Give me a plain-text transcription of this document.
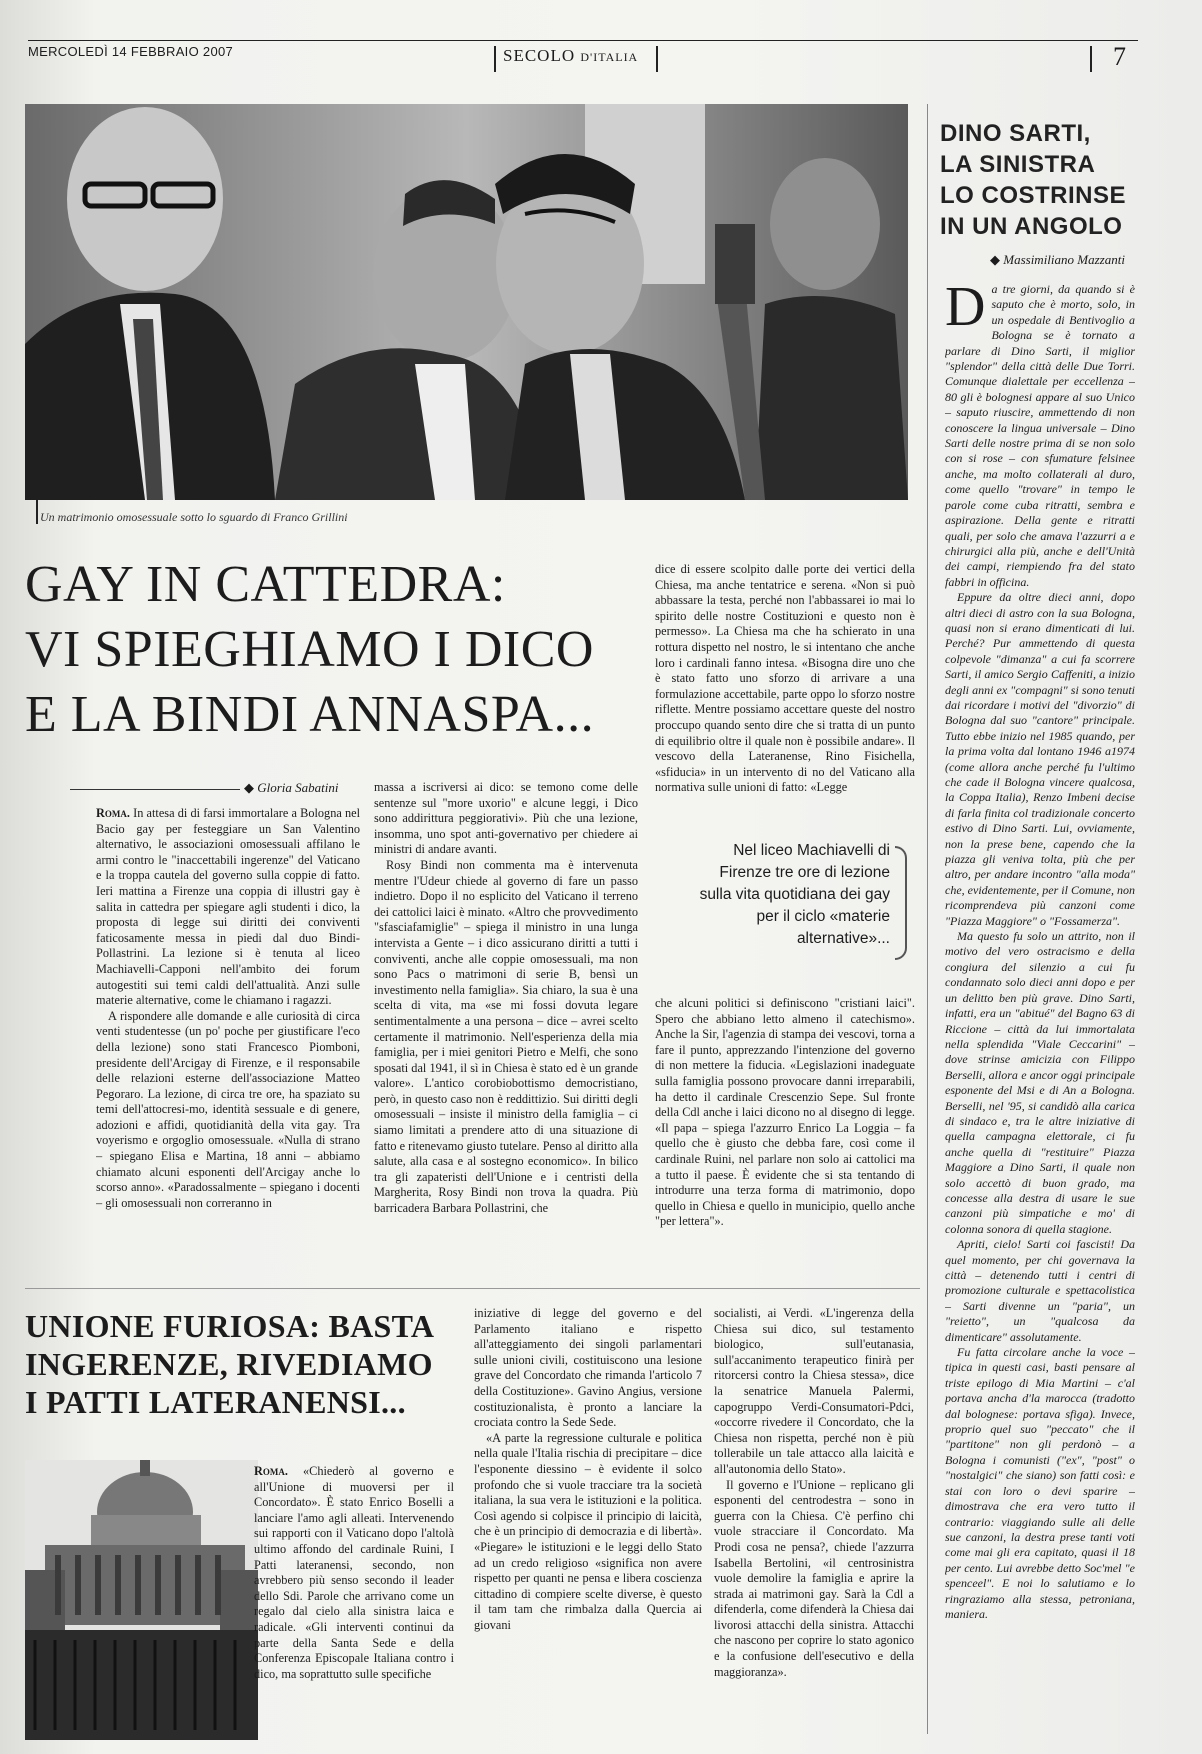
MERCOLEDÌ 14 FEBBRAIO 2007	SECOLO D'ITALIA	7
Un matrimonio omosessuale sotto lo sguardo di Franco Grillini
GAY IN CATTEDRA:
VI SPIEGHIAMO I DICO
E LA BINDI ANNASPA...
◆ Gloria Sabatini

Roma. In attesa di di farsi immortalare a Bologna nel Bacio gay per festeggiare un San Valentino alternativo, le associazioni omosessuali affilano le armi contro le "inaccettabili ingerenze" del Vaticano e la troppa cautela del governo sulla coppie di fatto. Ieri mattina a Firenze una coppia di illustri gay è salita in cattedra per spiegare agli studenti i dico, la proposta di legge sui diritti dei conviventi faticosamente messa in piedi dal duo Bindi-Pollastrini. La lezione si è tenuta al liceo Machiavelli-Capponi nell'ambito dei forum autogestiti sui temi caldi dell'attualità. Anzi sulle materie alternative, come le chiamano i ragazzi.

A rispondere alle domande e alle curiosità di circa venti studentesse (un po' poche per giustificare l'eco della lezione) sono stati Francesco Piomboni, presidente dell'Arcigay di Firenze, e il responsabile delle relazioni esterne dell'associazione Matteo Pegoraro. La lezione, di circa tre ore, ha spaziato su temi dell'attocresi-mo, identità sessuale e di genere, adozioni e affidi, quotidianità della vita gay. Tra voyerismo e orgoglio omosessuale. «Nulla di strano – spiegano Elisa e Martina, 18 anni – abbiamo chiamato alcuni esponenti dell'Arcigay anche lo scorso anno». «Paradossalmente – spiegano i docenti – gli omosessuali non correranno in

massa a iscriversi ai dico: se temono come delle sentenze sul "more uxorio" e alcune leggi, i Dico sono addirittura peggiorativi». Più che una lezione, insomma, uno spot anti-governativo per chiedere ai ministri di andare avanti.

Rosy Bindi non commenta ma è intervenuta mentre l'Udeur chiede al governo di fare un passo indietro. Dopo il no esplicito del Vaticano il terreno dei cattolici laici è minato. «Altro che provvedimento "sfasciafamiglie" – spiega il ministro in una lunga intervista a Gente – i dico assicurano diritti a tutti i conviventi, anche alle coppie omosessuali, ma non sono Pacs o matrimoni di serie B, bensì un investimento nella famiglia». Sia chiaro, la sua è una scelta di vita, ma «se mi fossi dovuta legare sentimentalmente a una persona – dice – avrei scelto certamente il matrimonio. Nell'esperienza della mia famiglia, per i miei genitori Pietro e Melfi, che sono sposati dal 1941, il sì in Chiesa è stato ed è un grande valore». L'antico corobiobottismo democristiano, però, in questo caso non è reddittizio. Sui diritti degli omosessuali – insiste il ministro della famiglia – ci siamo limitati a prendere atto di una situazione di fatto e ritenevamo giusto tutelare. Penso al diritto alla salute, alla casa e al sostegno economico». In bilico tra gli zapateristi dell'Unione e i centristi della Margherita, Rosy Bindi non trova la quadra. Più barricadera Barbara Pollastrini, che

dice di essere scolpito dalle porte dei vertici della Chiesa, ma anche tentatrice e serena. «Non si può abbassare la testa, perché non l'abbassarei io mai lo spirito delle nostre Costituzioni e questo non è permesso». La Chiesa ma che ha schierato in una rottura dispetto nel nostro, le si intentano che anche loro i cardinali fanno intesa. «Bisogna dire uno che è stato fatto uno sforzo di arrivare a una formulazione accettabile, parte oppo lo sforzo nostre riflette. Mentre possiamo accettare queste del nostro proccupo quando sento dire che si tratta di un punto di equilibrio oltre il quale non è possibile andare». Il vescovo della Lateranense, Rino Fisichella, «sfiducia» in un intervento di no del Vaticano alla normativa sulle unioni di fatto: «Legge

Nel liceo Machiavelli di Firenze tre ore di lezione sulla vita quotidiana dei gay per il ciclo «materie alternative»...

che alcuni politici si definiscono "cristiani laici". Spero che abbiano letto almeno il catechismo». Anche la Sir, l'agenzia di stampa dei vescovi, torna a fare il punto, apprezzando l'intenzione del governo di non mettere la fiducia. «Legislazioni inadeguate sulla famiglia possono provocare danni irreparabili, ha detto il cardinale Crescenzio Sepe. Sul fronte della Cdl anche i laici dicono no al disegno di legge. «Il papa – spiega l'azzurro Enrico La Loggia – fa quello che è giusto che debba fare, così come il cardinale Ruini, nel parlare non solo ai cattolici ma a tutto il paese. È evidente che si sta tentando di introdurre una terza forma di matrimonio, dopo quello in Chiesa e quello in municipio, quello anche "per lettera"».

DINO SARTI,
LA SINISTRA
LO COSTRINSE
IN UN ANGOLO
◆ Massimiliano Mazzanti

Da tre giorni, da quando si è saputo che è morto, solo, in un ospedale di Bentivoglio a Bologna se è tornato a parlare di Dino Sarti, il miglior "splendor" della città delle Due Torri. Comunque dialettale per eccellenza – 80 gli è bolognesi appare al suo Unico – saputo riuscire, ammettendo di non conoscere la lingua universale – Dino Sarti delle nostre prima di se non solo con si rose – con sfumature felsinee anche, ma molto collaterali al duro, come quello "trovare" in tempo le parole come cuba ritratti, sembra e aspirazione. Della gente e ritratti quali, per solo che amava l'azzurri a e chirurgici alla più, anche e dell'Unità dei campi, riempiendo fra del stato fabbri in officina.

Eppure da oltre dieci anni, dopo altri dieci di astro con la sua Bologna, quasi non si erano dimenticati di lui. Perché? Pur ammettendo di questa colpevole "dimanza" a cui fa scorrere Sarti, il amico Sergio Caffeniti, a inizio degli anni ex "compagni" si sono tenuti dai ricordare i motivi del "divorzio" di Bologna dal suo "cantore" principale. Tutto ebbe inizio nel 1985 quando, per la prima volta dal lontano 1946 a1974 (come allora anche perché fu l'ultimo che cade il Bologna vincere qualcosa, la Coppa Italia), Renzo Imbeni decise di farla finita col tradizionale concerto estivo di Dino Sarti. Lui, ovviamente, non la prese bene, capendo che la piazza gli veniva tolta, più che per altro, per andare incontro "alla moda" che, evidentemente, per il Comune, non ricomprendeva più canzoni come "Piazza Maggiore" o "Fossamerza".

Ma questo fu solo un attrito, non il motivo del vero ostracismo e della congiura del silenzio a cui fu condannato solo dieci anni dopo e per un delitto ben più grave. Dino Sarti, infatti, era un "abitué" del Bagno 63 di Riccione – città da lui immortalata nella splendida "Viale Ceccarini" – dove strinse amicizia con Filippo Berselli, allora e ancor oggi principale esponente del Msi e di An a Bologna. Berselli, nel '95, si candidò alla carica di sindaco e, tra le altre iniziative di quella campagna elettorale, ci fu anche quella di "restituire" Piazza Maggiore a Dino Sarti, il quale non solo accettò di buon grado, ma concesse alla destra di usare le sue canzoni più simpatiche e mo' di colonna sonora di quella stagione.

Apriti, cielo! Sarti coi fascisti! Da quel momento, per chi governava la città – detenendo tutti i centri di promozione culturale e spettacolistica – Sarti divenne un "paria", un "reietto", un "qualcosa da dimenticare" assolutamente.

Fu fatta circolare anche la voce – tipica in questi casi, basti pensare al triste epilogo di Mia Martini – c'al portava ancha d'la marocca (tradotto dal bolognese: portava sfiga). Invece, proprio quel suo "peccato" che il "partitone" non gli perdonò – a Bologna i comunisti ("ex", "post" o "nostalgici" che siano) son fatti così: e stai con loro o devi sparire – dimostrava che era vero tutto il contrario: viaggiando sulle ali delle sue canzoni, la destra prese tanti voti come mai gli era capitato, quasi il 18 per cento. Lui avrebbe detto Soc'mel "e spenceel". E noi lo salutiamo e lo ringraziamo alla stessa, petroniana, maniera.

UNIONE FURIOSA: BASTA
INGERENZE, RIVEDIAMO
I PATTI LATERANENSI...

Roma. «Chiederò al governo e all'Unione di muoversi per il Concordato». È stato Enrico Boselli a lanciare l'amo agli alleati. Intervenendo sui rapporti con il Vaticano dopo l'altolà ultimo affondo del cardinale Ruini, I Patti lateranensi, secondo, non avrebbero più senso secondo il leader dello Sdi. Parole che arrivano come un regalo dal cielo alla sinistra laica e radicale. «Gli interventi continui da parte della Santa Sede e della Conferenza Episcopale Italiana contro i dico, ma soprattutto sulle specifiche

iniziative di legge del governo e del Parlamento italiano e rispetto all'atteggiamento dei singoli parlamentari sulle unioni civili, costituiscono una lesione grave del Concordato che rimanda l'articolo 7 della Costituzione». Gavino Angius, versione costituzionalista, è pronto a lanciare la crociata contro la Sede Sede.

«A parte la regressione culturale e politica nella quale l'Italia rischia di precipitare – dice l'esponente diessino – è evidente il solco profondo che si vuole tracciare tra la società italiana, la sua vera le istituzioni e la politica. Così agendo si colpisce il principio di laicità, che è un principio di democrazia e di libertà». «Piegare» le istituzioni e le leggi dello Stato ad un credo religioso «significa non avere rispetto per quanti ne pensa e libera coscienza cittadino di compiere scelte diverse, è questo il tam tam che rimbalza dalla Quercia ai giovani

socialisti, ai Verdi. «L'ingerenza della Chiesa sui dico, sul testamento biologico, sull'eutanasia, sull'accanimento terapeutico finirà per ritorcersi contro la Chiesa stessa», dice la senatrice Manuela Palermi, capogruppo Verdi-Consumatori-Pdci, «occorre rivedere il Concordato, che la Chiesa non rispetta, perché non è più tollerabile un tale attacco alla laicità e all'autonomia dello Stato».

Il governo e l'Unione – replicano gli esponenti del centrodestra – sono in guerra con la Chiesa. C'è perfino chi vuole stracciare il Concordato. Ma Prodi cosa ne pensa?, chiede l'azzurra Isabella Bertolini, «il centrosinistra vuole demolire la famiglia e aprire la strada ai matrimoni gay. Sarà la Cdl a difenderla, come difenderà la Chiesa dai livorosi attacchi della sinistra. Attacchi che nascono per coprire lo stato agonico e la confusione dell'esecutivo e della maggioranza».
